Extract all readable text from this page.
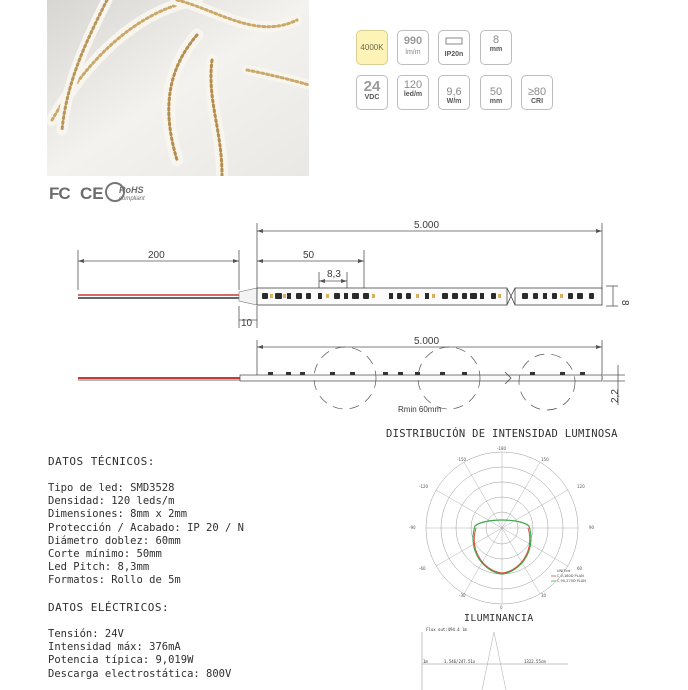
4000K
990
lm/m	IP20n
8
mm
24
VDC
120
led/m	9,6
W/m
50
mm
≥80
CRI
FC CE RoHS
compliant
5.000
200	50
8,3
8
10
5.000
2,2
Rmin 60mm
DATOS TÉCNICOS:
Tipo de led: SMD3528
Densidad: 120 leds/m
Dimensiones: 8mm x 2mm
Protección / Acabado: IP 20 / N
Diámetro doblez: 60mm
Corte mínimo: 50mm
Led Pitch: 8,3mm
Formatos: Rollo de 5m
DATOS ELÉCTRICOS:
Tensión: 24V
Intensidad máx: 376mA
Potencia típica: 9,019W
Descarga electrostática: 800V
DISTRIBUCIÓN DE INTENSIDAD LUMINOSA
-180
-150	150
-120	120
-90	90
-60	60
-30	30
0
UNIT:cd
C 0-180D PLAN
C 90-270D PLAN
ILUMINANCIA
Flux out:494.4 lm
1m	1.546/247.51x	1322.55cm
